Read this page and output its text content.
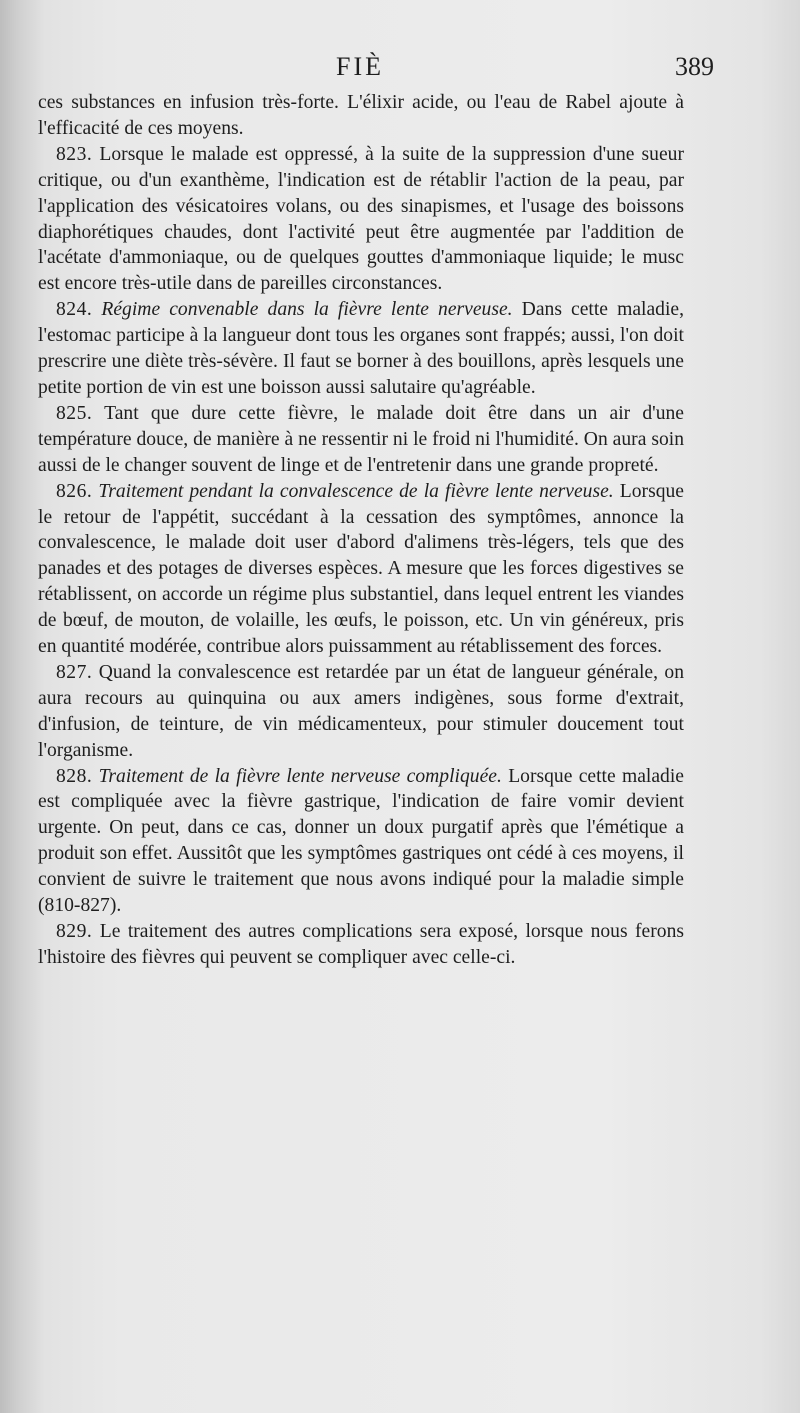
FIÈ	389

ces substances en infusion très-forte. L'élixir acide, ou l'eau de Rabel ajoute à l'efficacité de ces moyens.

823. Lorsque le malade est oppressé, à la suite de la suppression d'une sueur critique, ou d'un exanthème, l'indication est de rétablir l'action de la peau, par l'application des vésicatoires volans, ou des sinapismes, et l'usage des boissons diaphorétiques chaudes, dont l'activité peut être augmentée par l'addition de l'acétate d'ammoniaque, ou de quelques gouttes d'ammoniaque liquide; le musc est encore très-utile dans de pareilles circonstances.

824. Régime convenable dans la fièvre lente nerveuse. Dans cette maladie, l'estomac participe à la langueur dont tous les organes sont frappés; aussi, l'on doit prescrire une diète très-sévère. Il faut se borner à des bouillons, après lesquels une petite portion de vin est une boisson aussi salutaire qu'agréable.

825. Tant que dure cette fièvre, le malade doit être dans un air d'une température douce, de manière à ne ressentir ni le froid ni l'humidité. On aura soin aussi de le changer souvent de linge et de l'entretenir dans une grande propreté.

826. Traitement pendant la convalescence de la fièvre lente nerveuse. Lorsque le retour de l'appétit, succédant à la cessation des symptômes, annonce la convalescence, le malade doit user d'abord d'alimens très-légers, tels que des panades et des potages de diverses espèces. A mesure que les forces digestives se rétablissent, on accorde un régime plus substantiel, dans lequel entrent les viandes de bœuf, de mouton, de volaille, les œufs, le poisson, etc. Un vin généreux, pris en quantité modérée, contribue alors puissamment au rétablissement des forces.

827. Quand la convalescence est retardée par un état de langueur générale, on aura recours au quinquina ou aux amers indigènes, sous forme d'extrait, d'infusion, de teinture, de vin médicamenteux, pour stimuler doucement tout l'organisme.

828. Traitement de la fièvre lente nerveuse compliquée. Lorsque cette maladie est compliquée avec la fièvre gastrique, l'indication de faire vomir devient urgente. On peut, dans ce cas, donner un doux purgatif après que l'émétique a produit son effet. Aussitôt que les symptômes gastriques ont cédé à ces moyens, il convient de suivre le traitement que nous avons indiqué pour la maladie simple (810-827).

829. Le traitement des autres complications sera exposé, lorsque nous ferons l'histoire des fièvres qui peuvent se compliquer avec celle-ci.
